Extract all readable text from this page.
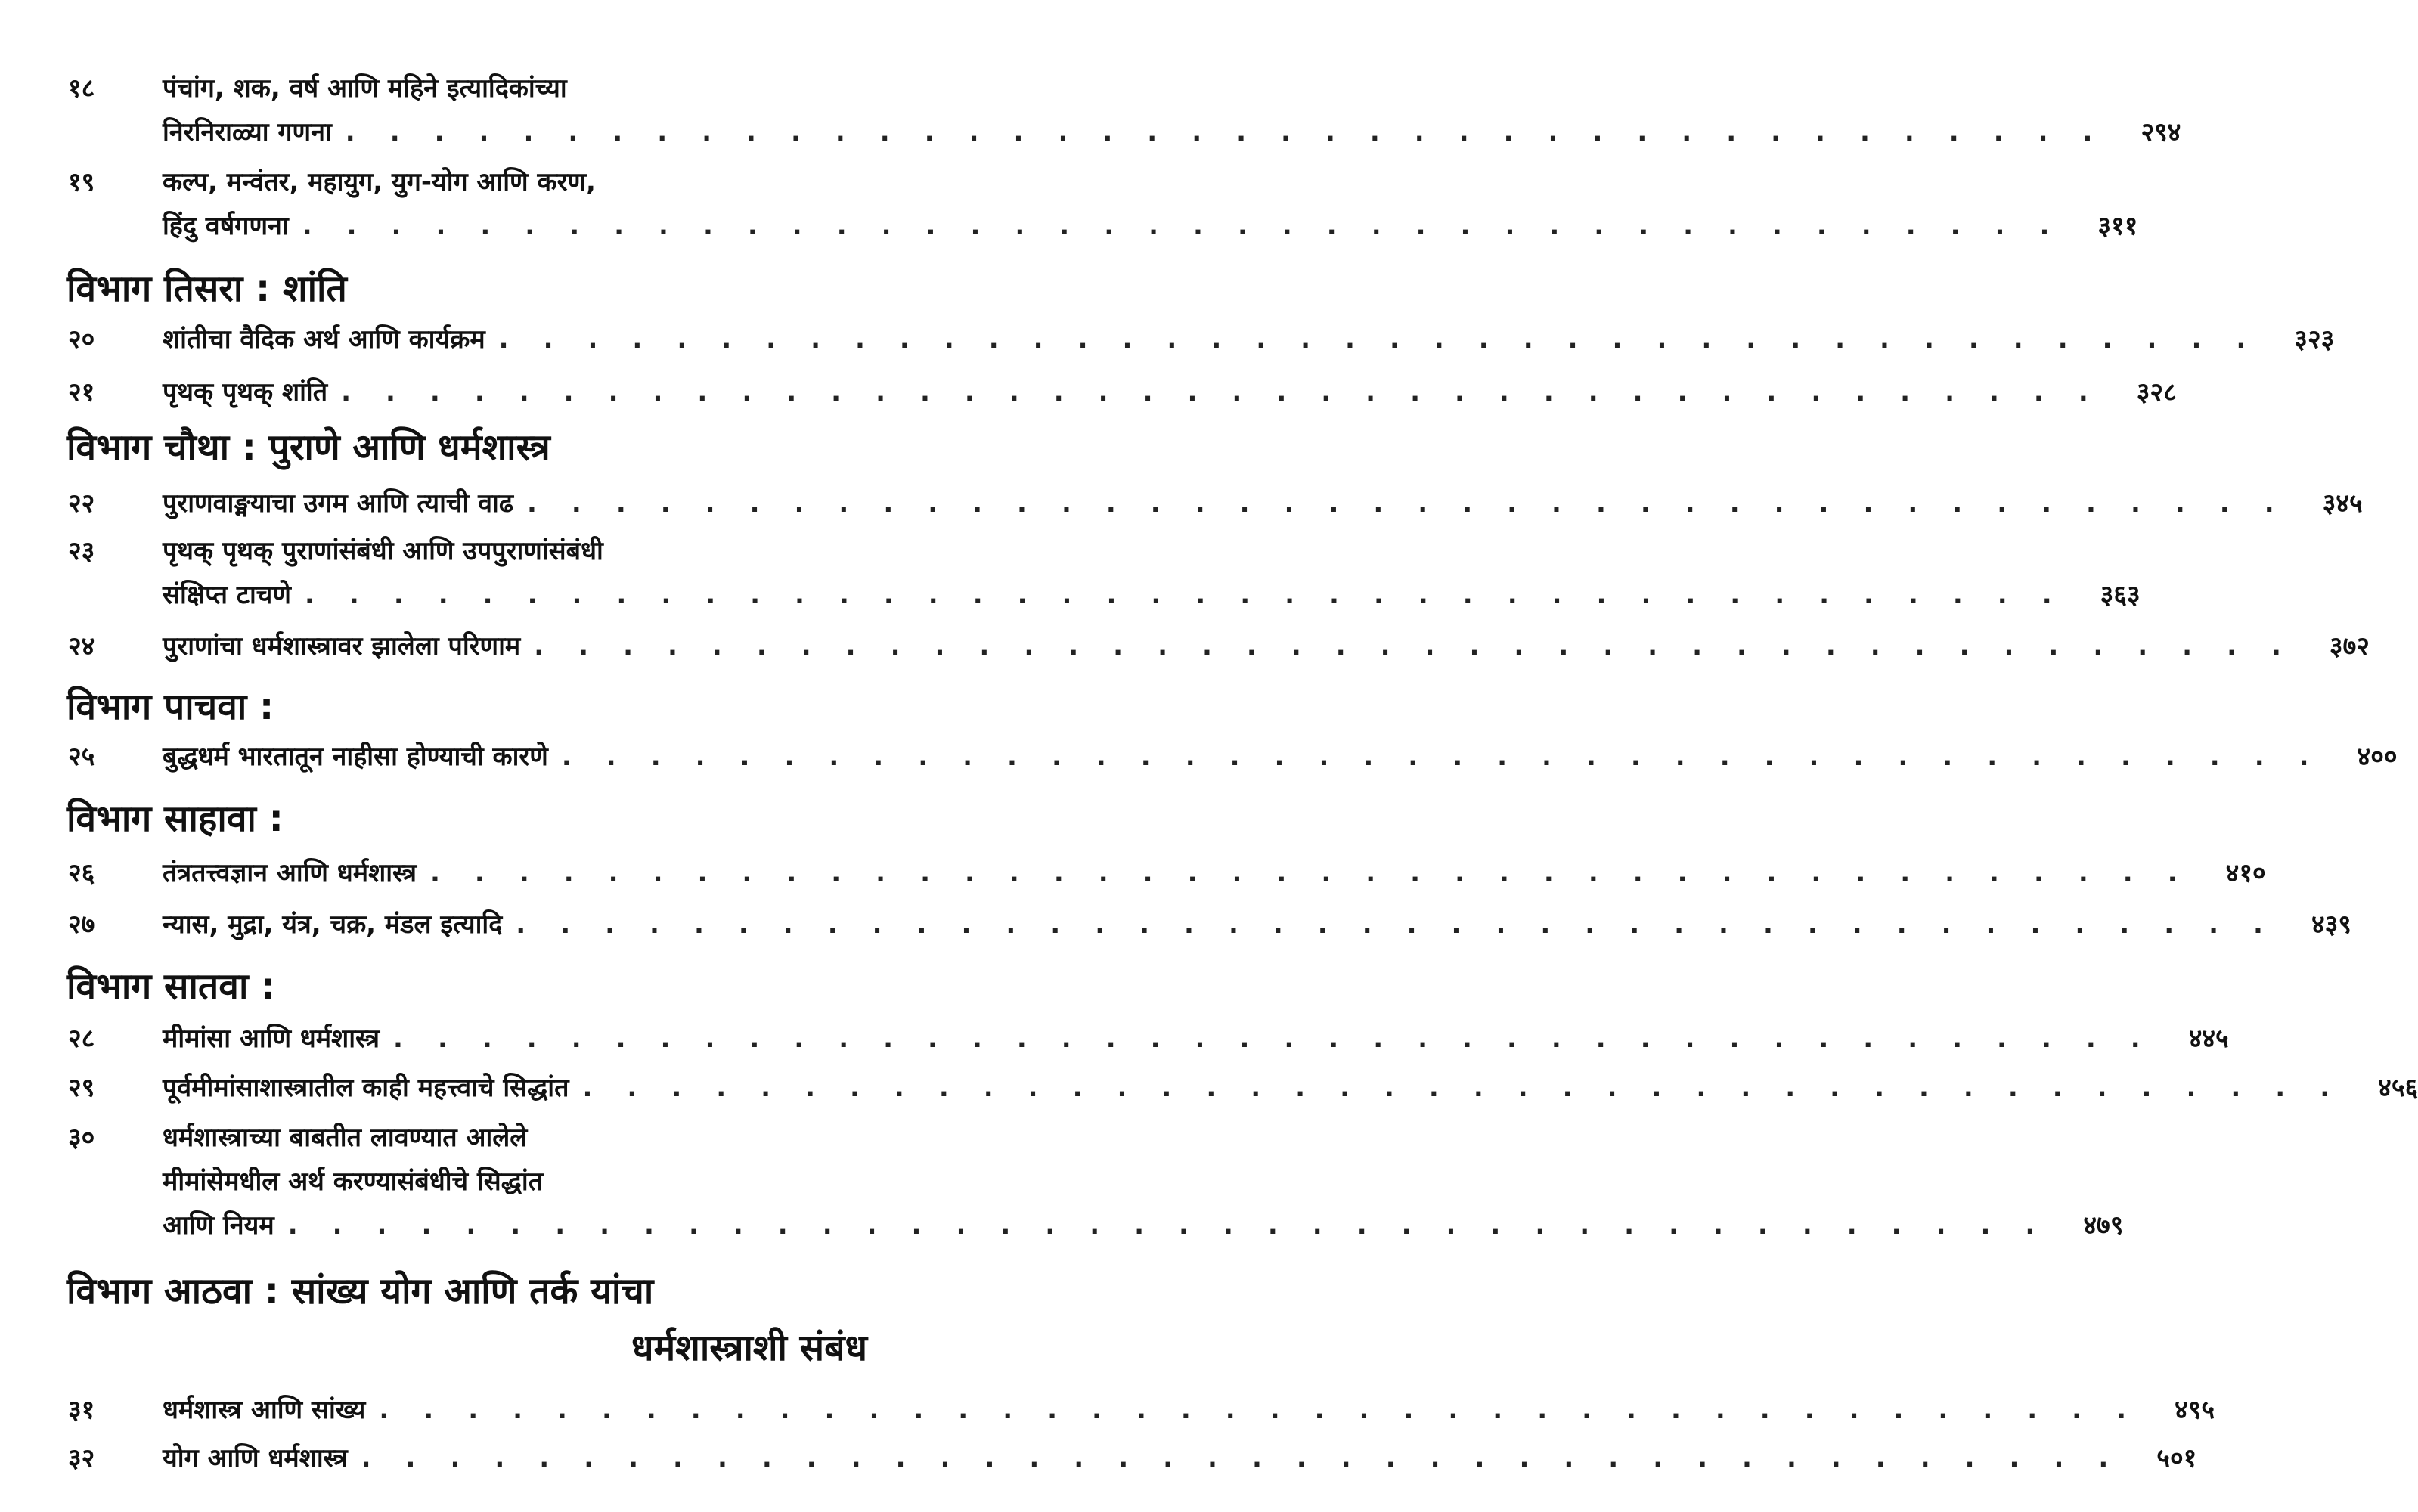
१८	पंचांग, शक, वर्ष आणि महिने इत्यादिकांच्या
निरनिराळ्या गणना ........................................ २९४
१९	कल्प, मन्वंतर, महायुग, युग-योग आणि करण,
हिंदु वर्षगणना ........................................ ३११
विभाग तिसरा : शांति
२०	शांतीचा वैदिक अर्थ आणि कार्यक्रम ........................................ ३२३
२१	पृथक् पृथक् शांति ........................................ ३२८
विभाग चौथा : पुराणे आणि धर्मशास्त्र
२२	पुराणवाङ्मयाचा उगम आणि त्याची वाढ ........................................ ३४५
२३	पृथक् पृथक् पुराणांसंबंधी आणि उपपुराणांसंबंधी
संक्षिप्त टाचणे ........................................ ३६३
२४	पुराणांचा धर्मशास्त्रावर झालेला परिणाम ........................................ ३७२
विभाग पाचवा :
२५	बुद्धधर्म भारतातून नाहीसा होण्याची कारणे ........................................ ४००
विभाग साहावा :
२६	तंत्रतत्त्वज्ञान आणि धर्मशास्त्र ........................................ ४१०
२७	न्यास, मुद्रा, यंत्र, चक्र, मंडल इत्यादि ........................................ ४३९
विभाग सातवा :
२८	मीमांसा आणि धर्मशास्त्र ........................................ ४४५
२९	पूर्वमीमांसाशास्त्रातील काही महत्त्वाचे सिद्धांत ........................................ ४५६
३०	धर्मशास्त्राच्या बाबतीत लावण्यात आलेले
मीमांसेमधील अर्थ करण्यासंबंधीचे सिद्धांत
आणि नियम ........................................ ४७९
विभाग आठवा : सांख्य योग आणि तर्क यांचा
धर्मशास्त्राशी संबंध
३१	धर्मशास्त्र आणि सांख्य ........................................ ४९५
३२	योग आणि धर्मशास्त्र ........................................ ५०१
